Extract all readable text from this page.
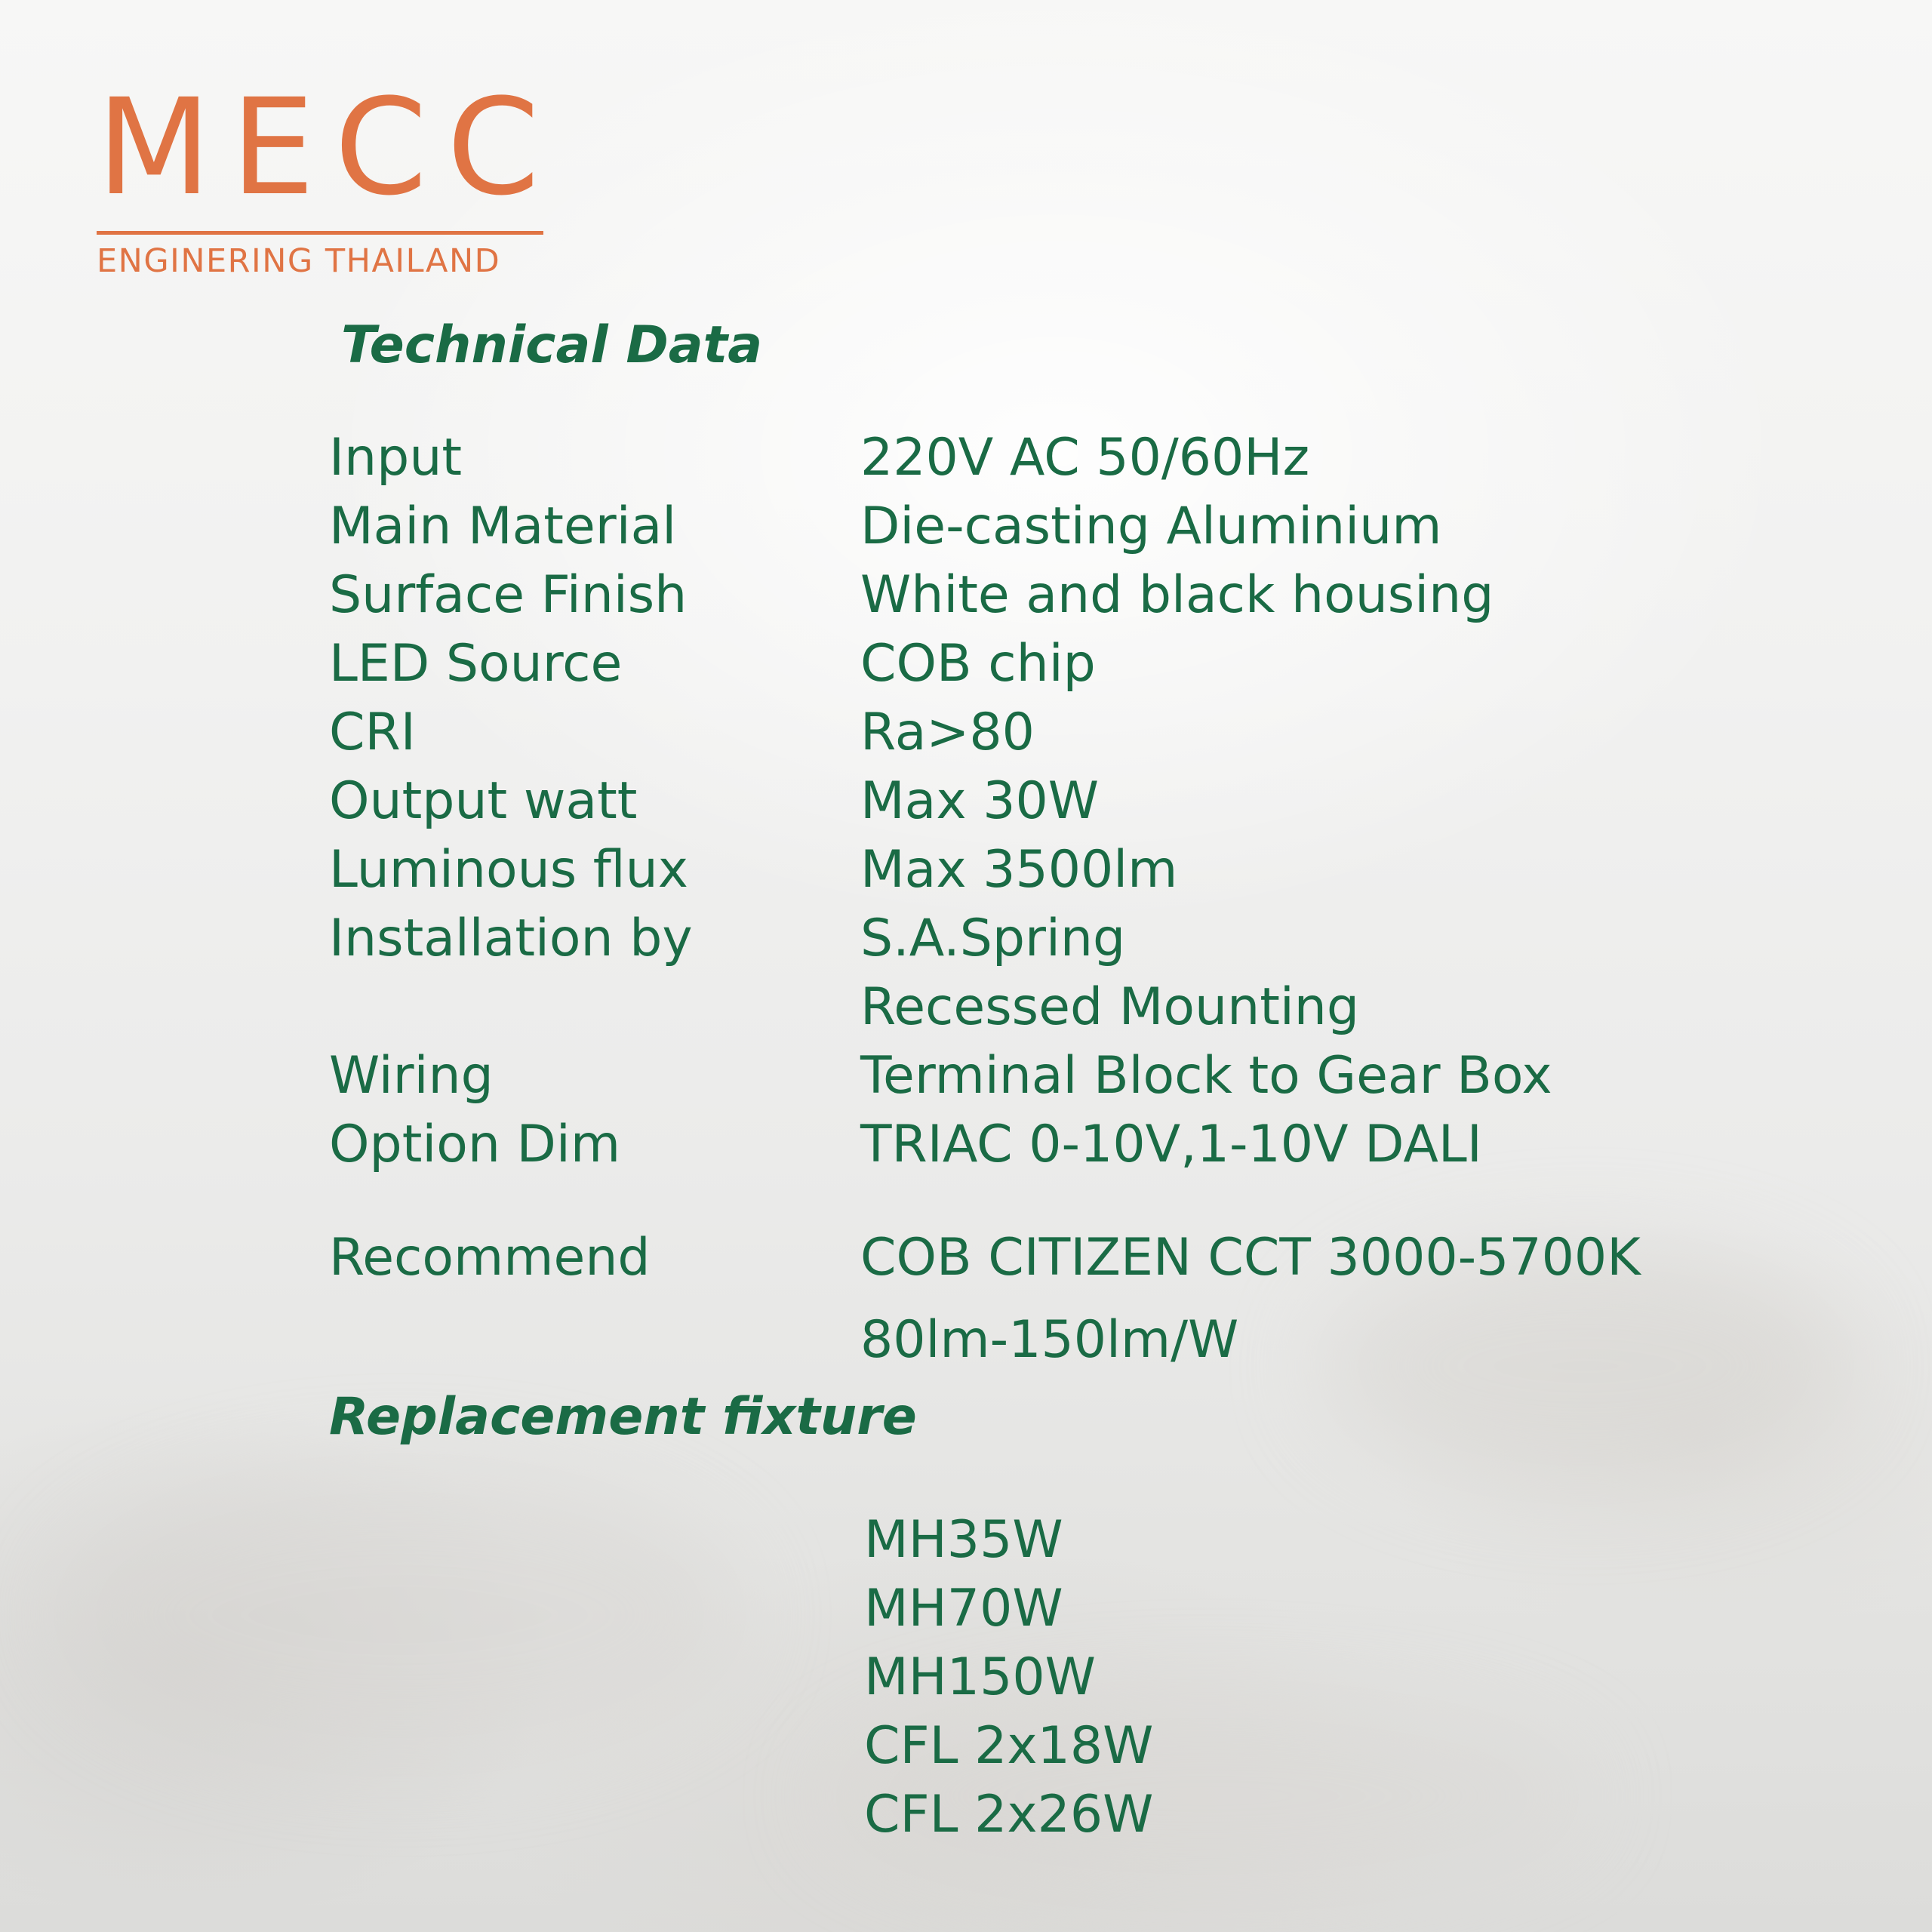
MECC
ENGINERING THAILAND
Technical Data
Input
Main Material
Surface Finish
LED Source
CRI
Output watt
Luminous flux
Installation by
Wiring
Option Dim
Recommend
220V AC 50/60Hz
Die-casting Aluminium
White and black housing
COB chip
Ra>80
Max 30W
Max 3500lm
S.A.Spring
Recessed Mounting
Terminal Block to Gear Box
TRIAC 0-10V,1-10V DALI
COB CITIZEN CCT 3000-5700K
80lm-150lm/W
Replacement fixture
MH35W
MH70W
MH150W
CFL 2x18W
CFL 2x26W
